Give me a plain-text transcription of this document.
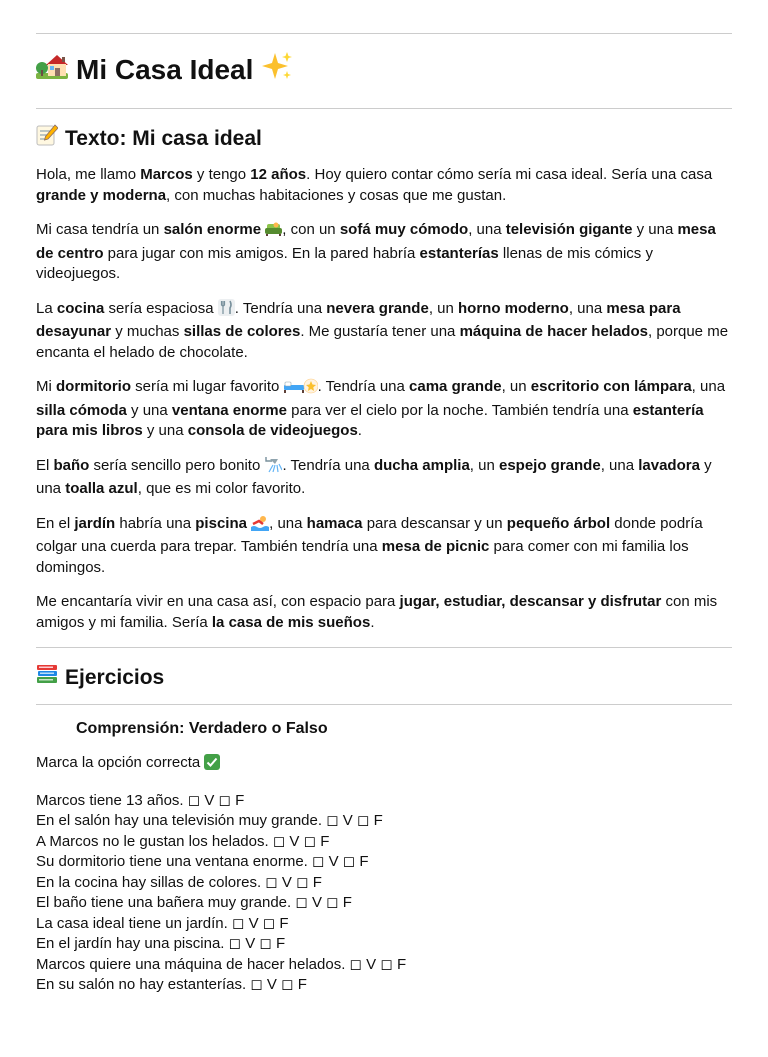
Mi Casa Ideal
Texto: Mi casa ideal

Hola, me llamo Marcos y tengo 12 años. Hoy quiero contar cómo sería mi casa ideal. Sería una casa grande y moderna, con muchas habitaciones y cosas que me gustan.

Mi casa tendría un salón enorme , con un sofá muy cómodo, una televisión gigante y una mesa de centro para jugar con mis amigos. En la pared habría estanterías llenas de mis cómics y videojuegos.

La cocina sería espaciosa . Tendría una nevera grande, un horno moderno, una mesa para desayunar y muchas sillas de colores. Me gustaría tener una máquina de hacer helados, porque me encanta el helado de chocolate.

Mi dormitorio sería mi lugar favorito . Tendría una cama grande, un escritorio con lámpara, una silla cómoda y una ventana enorme para ver el cielo por la noche. También tendría una estantería para mis libros y una consola de videojuegos.

El baño sería sencillo pero bonito . Tendría una ducha amplia, un espejo grande, una lavadora y una toalla azul, que es mi color favorito.

En el jardín habría una piscina , una hamaca para descansar y un pequeño árbol donde podría colgar una cuerda para trepar. También tendría una mesa de picnic para comer con mi familia los domingos.

Me encantaría vivir en una casa así, con espacio para jugar, estudiar, descansar y disfrutar con mis amigos y mi familia. Sería la casa de mis sueños.

Ejercicios
Comprensión: Verdadero o Falso

Marca la opción correcta

Marcos tiene 13 años. ◻ V ◻ F
En el salón hay una televisión muy grande. ◻ V ◻ F
A Marcos no le gustan los helados. ◻ V ◻ F
Su dormitorio tiene una ventana enorme. ◻ V ◻ F
En la cocina hay sillas de colores. ◻ V ◻ F
El baño tiene una bañera muy grande. ◻ V ◻ F
La casa ideal tiene un jardín. ◻ V ◻ F
En el jardín hay una piscina. ◻ V ◻ F
Marcos quiere una máquina de hacer helados. ◻ V ◻ F
En su salón no hay estanterías. ◻ V ◻ F
